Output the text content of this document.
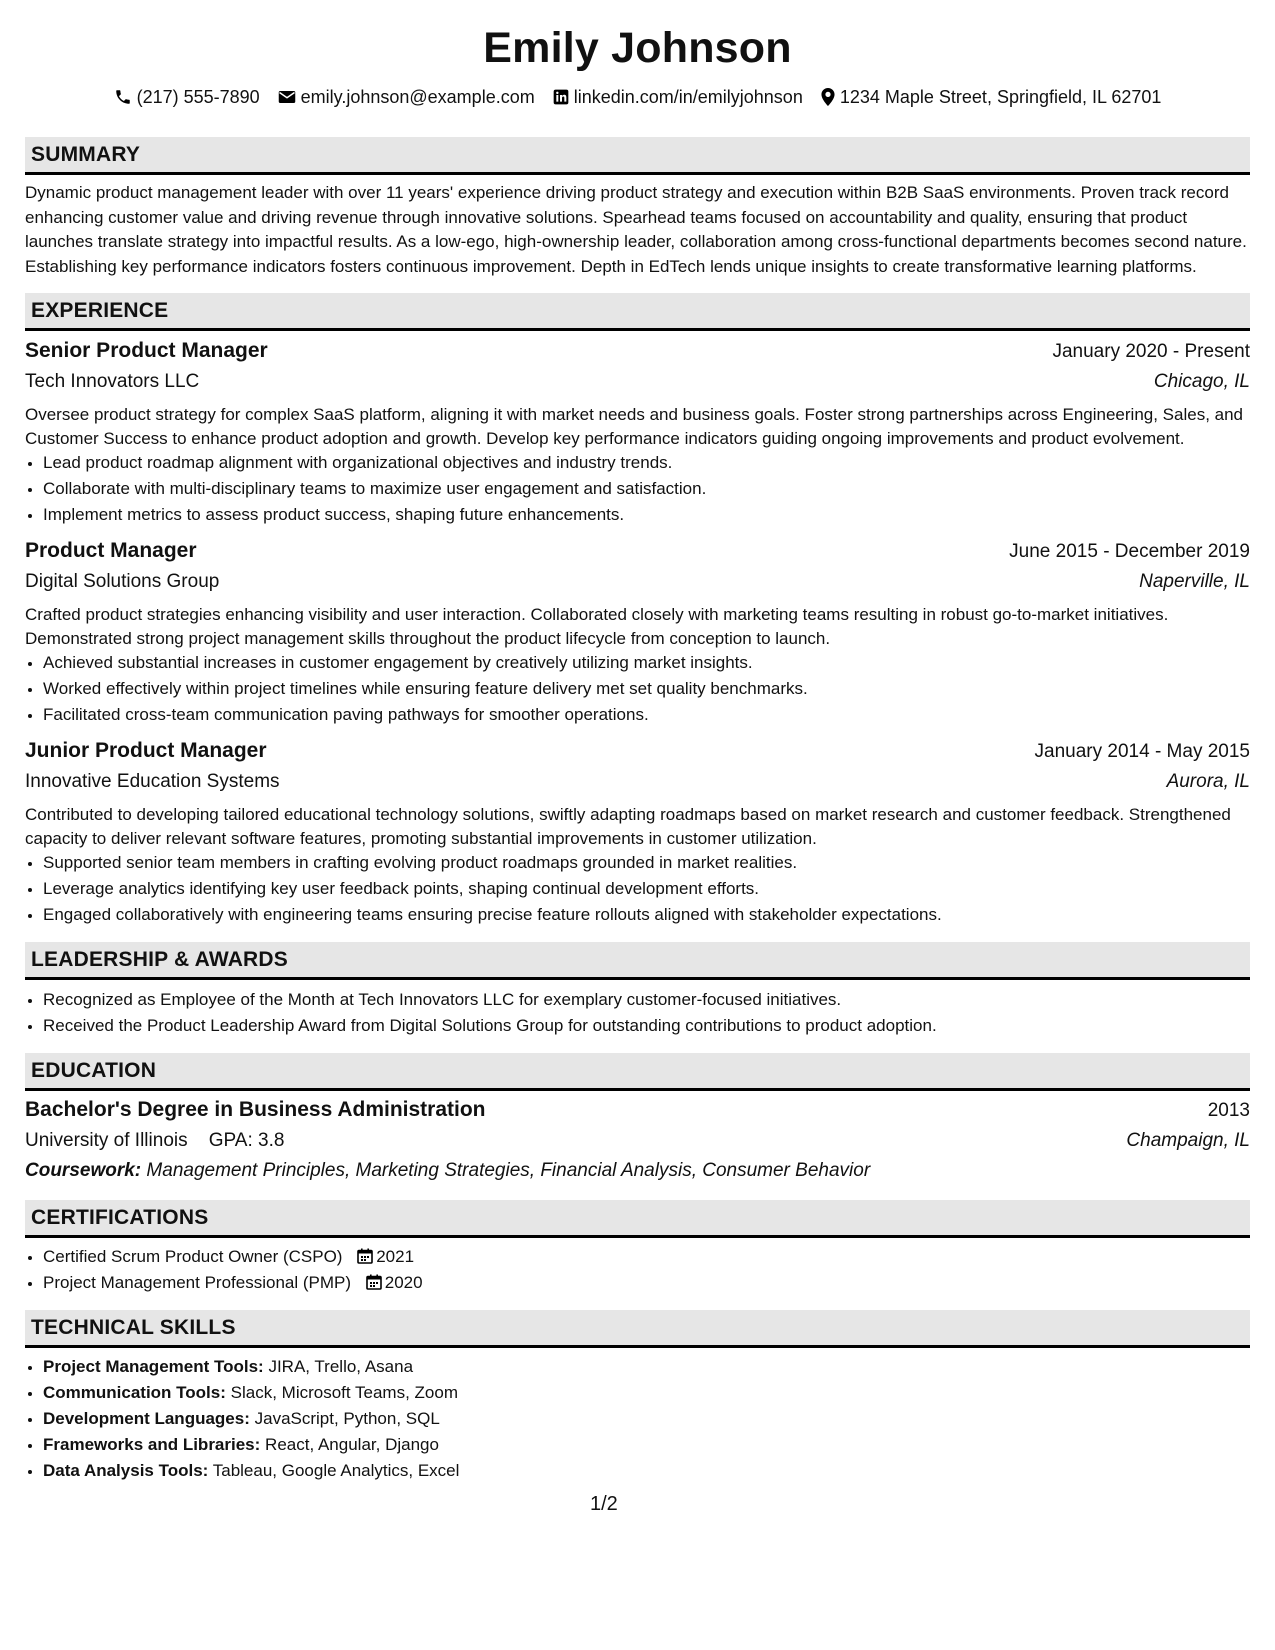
Emily Johnson
(217) 555-7890 emily.johnson@example.com linkedin.com/in/emilyjohnson 1234 Maple Street, Springfield, IL 62701
SUMMARY

Dynamic product management leader with over 11 years' experience driving product strategy and execution within B2B SaaS environments. Proven track record enhancing customer value and driving revenue through innovative solutions. Spearhead teams focused on accountability and quality, ensuring that product launches translate strategy into impactful results. As a low-ego, high-ownership leader, collaboration among cross-functional departments becomes second nature. Establishing key performance indicators fosters continuous improvement. Depth in EdTech lends unique insights to create transformative learning platforms.

EXPERIENCE
Senior Product Manager	January 2020 - Present
Tech Innovators LLC	Chicago, IL
Oversee product strategy for complex SaaS platform, aligning it with market needs and business goals. Foster strong partnerships across Engineering, Sales, and Customer Success to enhance product adoption and growth. Develop key performance indicators guiding ongoing improvements and product evolvement.
• Lead product roadmap alignment with organizational objectives and industry trends.
• Collaborate with multi-disciplinary teams to maximize user engagement and satisfaction.
• Implement metrics to assess product success, shaping future enhancements.
Product Manager	June 2015 - December 2019
Digital Solutions Group	Naperville, IL
Crafted product strategies enhancing visibility and user interaction. Collaborated closely with marketing teams resulting in robust go-to-market initiatives. Demonstrated strong project management skills throughout the product lifecycle from conception to launch.
• Achieved substantial increases in customer engagement by creatively utilizing market insights.
• Worked effectively within project timelines while ensuring feature delivery met set quality benchmarks.
• Facilitated cross-team communication paving pathways for smoother operations.
Junior Product Manager	January 2014 - May 2015
Innovative Education Systems	Aurora, IL
Contributed to developing tailored educational technology solutions, swiftly adapting roadmaps based on market research and customer feedback. Strengthened capacity to deliver relevant software features, promoting substantial improvements in customer utilization.
• Supported senior team members in crafting evolving product roadmaps grounded in market realities.
• Leverage analytics identifying key user feedback points, shaping continual development efforts.
• Engaged collaboratively with engineering teams ensuring precise feature rollouts aligned with stakeholder expectations.
LEADERSHIP & AWARDS
• Recognized as Employee of the Month at Tech Innovators LLC for exemplary customer-focused initiatives.
• Received the Product Leadership Award from Digital Solutions Group for outstanding contributions to product adoption.
EDUCATION
Bachelor's Degree in Business Administration	2013
University of Illinois GPA: 3.8	Champaign, IL
Coursework: Management Principles, Marketing Strategies, Financial Analysis, Consumer Behavior
CERTIFICATIONS
• Certified Scrum Product Owner (CSPO) 2021
• Project Management Professional (PMP) 2020
TECHNICAL SKILLS
• Project Management Tools: JIRA, Trello, Asana
• Communication Tools: Slack, Microsoft Teams, Zoom
• Development Languages: JavaScript, Python, SQL
• Frameworks and Libraries: React, Angular, Django
• Data Analysis Tools: Tableau, Google Analytics, Excel
1/2
